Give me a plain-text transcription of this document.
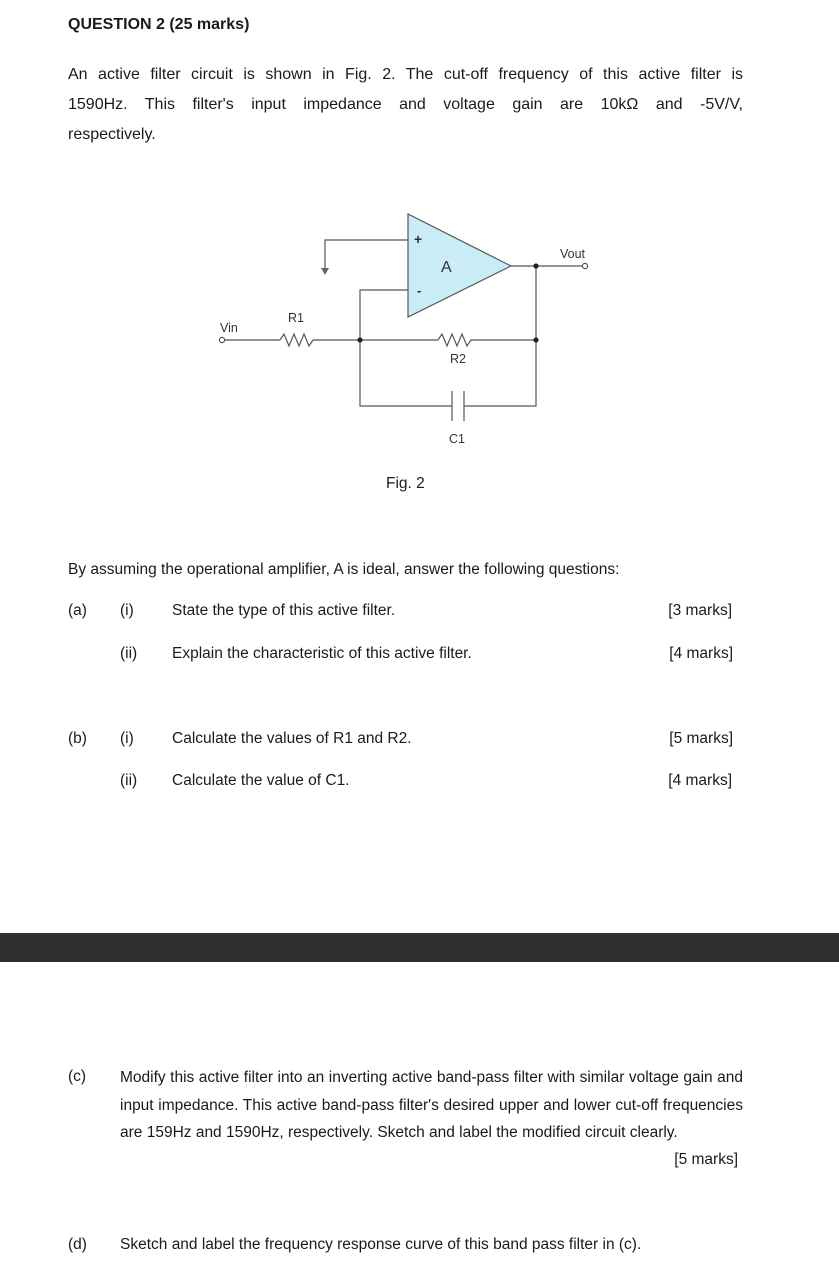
QUESTION 2 (25 marks)
An active filter circuit is shown in Fig. 2. The cut-off frequency of this active filter is
1590Hz. This filter's input impedance and voltage gain are 10kΩ and -5V/V,
respectively.
+
-
A
Vin
Vout
R1
R2
C1
Fig. 2
By assuming the operational amplifier, A is ideal, answer the following questions:
(a) (i) State the type of this active filter.	[3 marks]
(ii) Explain the characteristic of this active filter.	[4 marks]
(b) (i) Calculate the values of R1 and R2.	[5 marks]
(ii) Calculate the value of C1.	[4 marks]
(c) Modify this active filter into an inverting active band-pass filter with similar voltage gain and input impedance. This active band-pass filter's desired upper and lower cut-off frequencies are 159Hz and 1590Hz, respectively. Sketch and label the modified circuit clearly.
[5 marks]
(d) Sketch and label the frequency response curve of this band pass filter in (c).
